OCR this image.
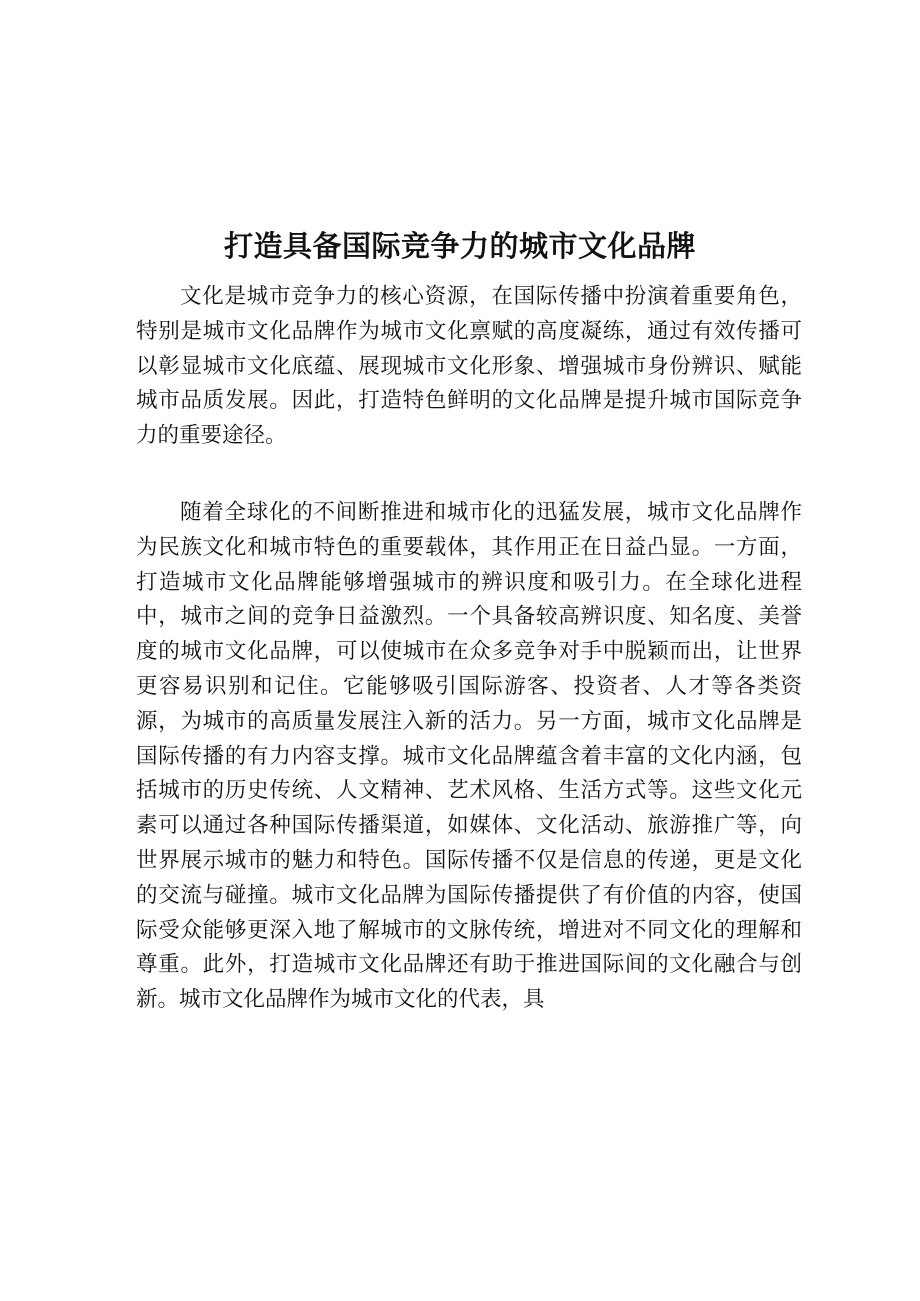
打造具备国际竞争力的城市文化品牌

文化是城市竞争力的核心资源，在国际传播中扮演着重要角色，特别是城市文化品牌作为城市文化禀赋的高度凝练，通过有效传播可以彰显城市文化底蕴、展现城市文化形象、增强城市身份辨识、赋能城市品质发展。因此，打造特色鲜明的文化品牌是提升城市国际竞争力的重要途径。

随着全球化的不间断推进和城市化的迅猛发展，城市文化品牌作为民族文化和城市特色的重要载体，其作用正在日益凸显。一方面，打造城市文化品牌能够增强城市的辨识度和吸引力。在全球化进程中，城市之间的竞争日益激烈。一个具备较高辨识度、知名度、美誉度的城市文化品牌，可以使城市在众多竞争对手中脱颖而出，让世界更容易识别和记住。它能够吸引国际游客、投资者、人才等各类资源，为城市的高质量发展注入新的活力。另一方面，城市文化品牌是国际传播的有力内容支撑。城市文化品牌蕴含着丰富的文化内涵，包括城市的历史传统、人文精神、艺术风格、生活方式等。这些文化元素可以通过各种国际传播渠道，如媒体、文化活动、旅游推广等，向世界展示城市的魅力和特色。国际传播不仅是信息的传递，更是文化的交流与碰撞。城市文化品牌为国际传播提供了有价值的内容，使国际受众能够更深入地了解城市的文脉传统，增进对不同文化的理解和尊重。此外，打造城市文化品牌还有助于推进国际间的文化融合与创新。城市文化品牌作为城市文化的代表，具
